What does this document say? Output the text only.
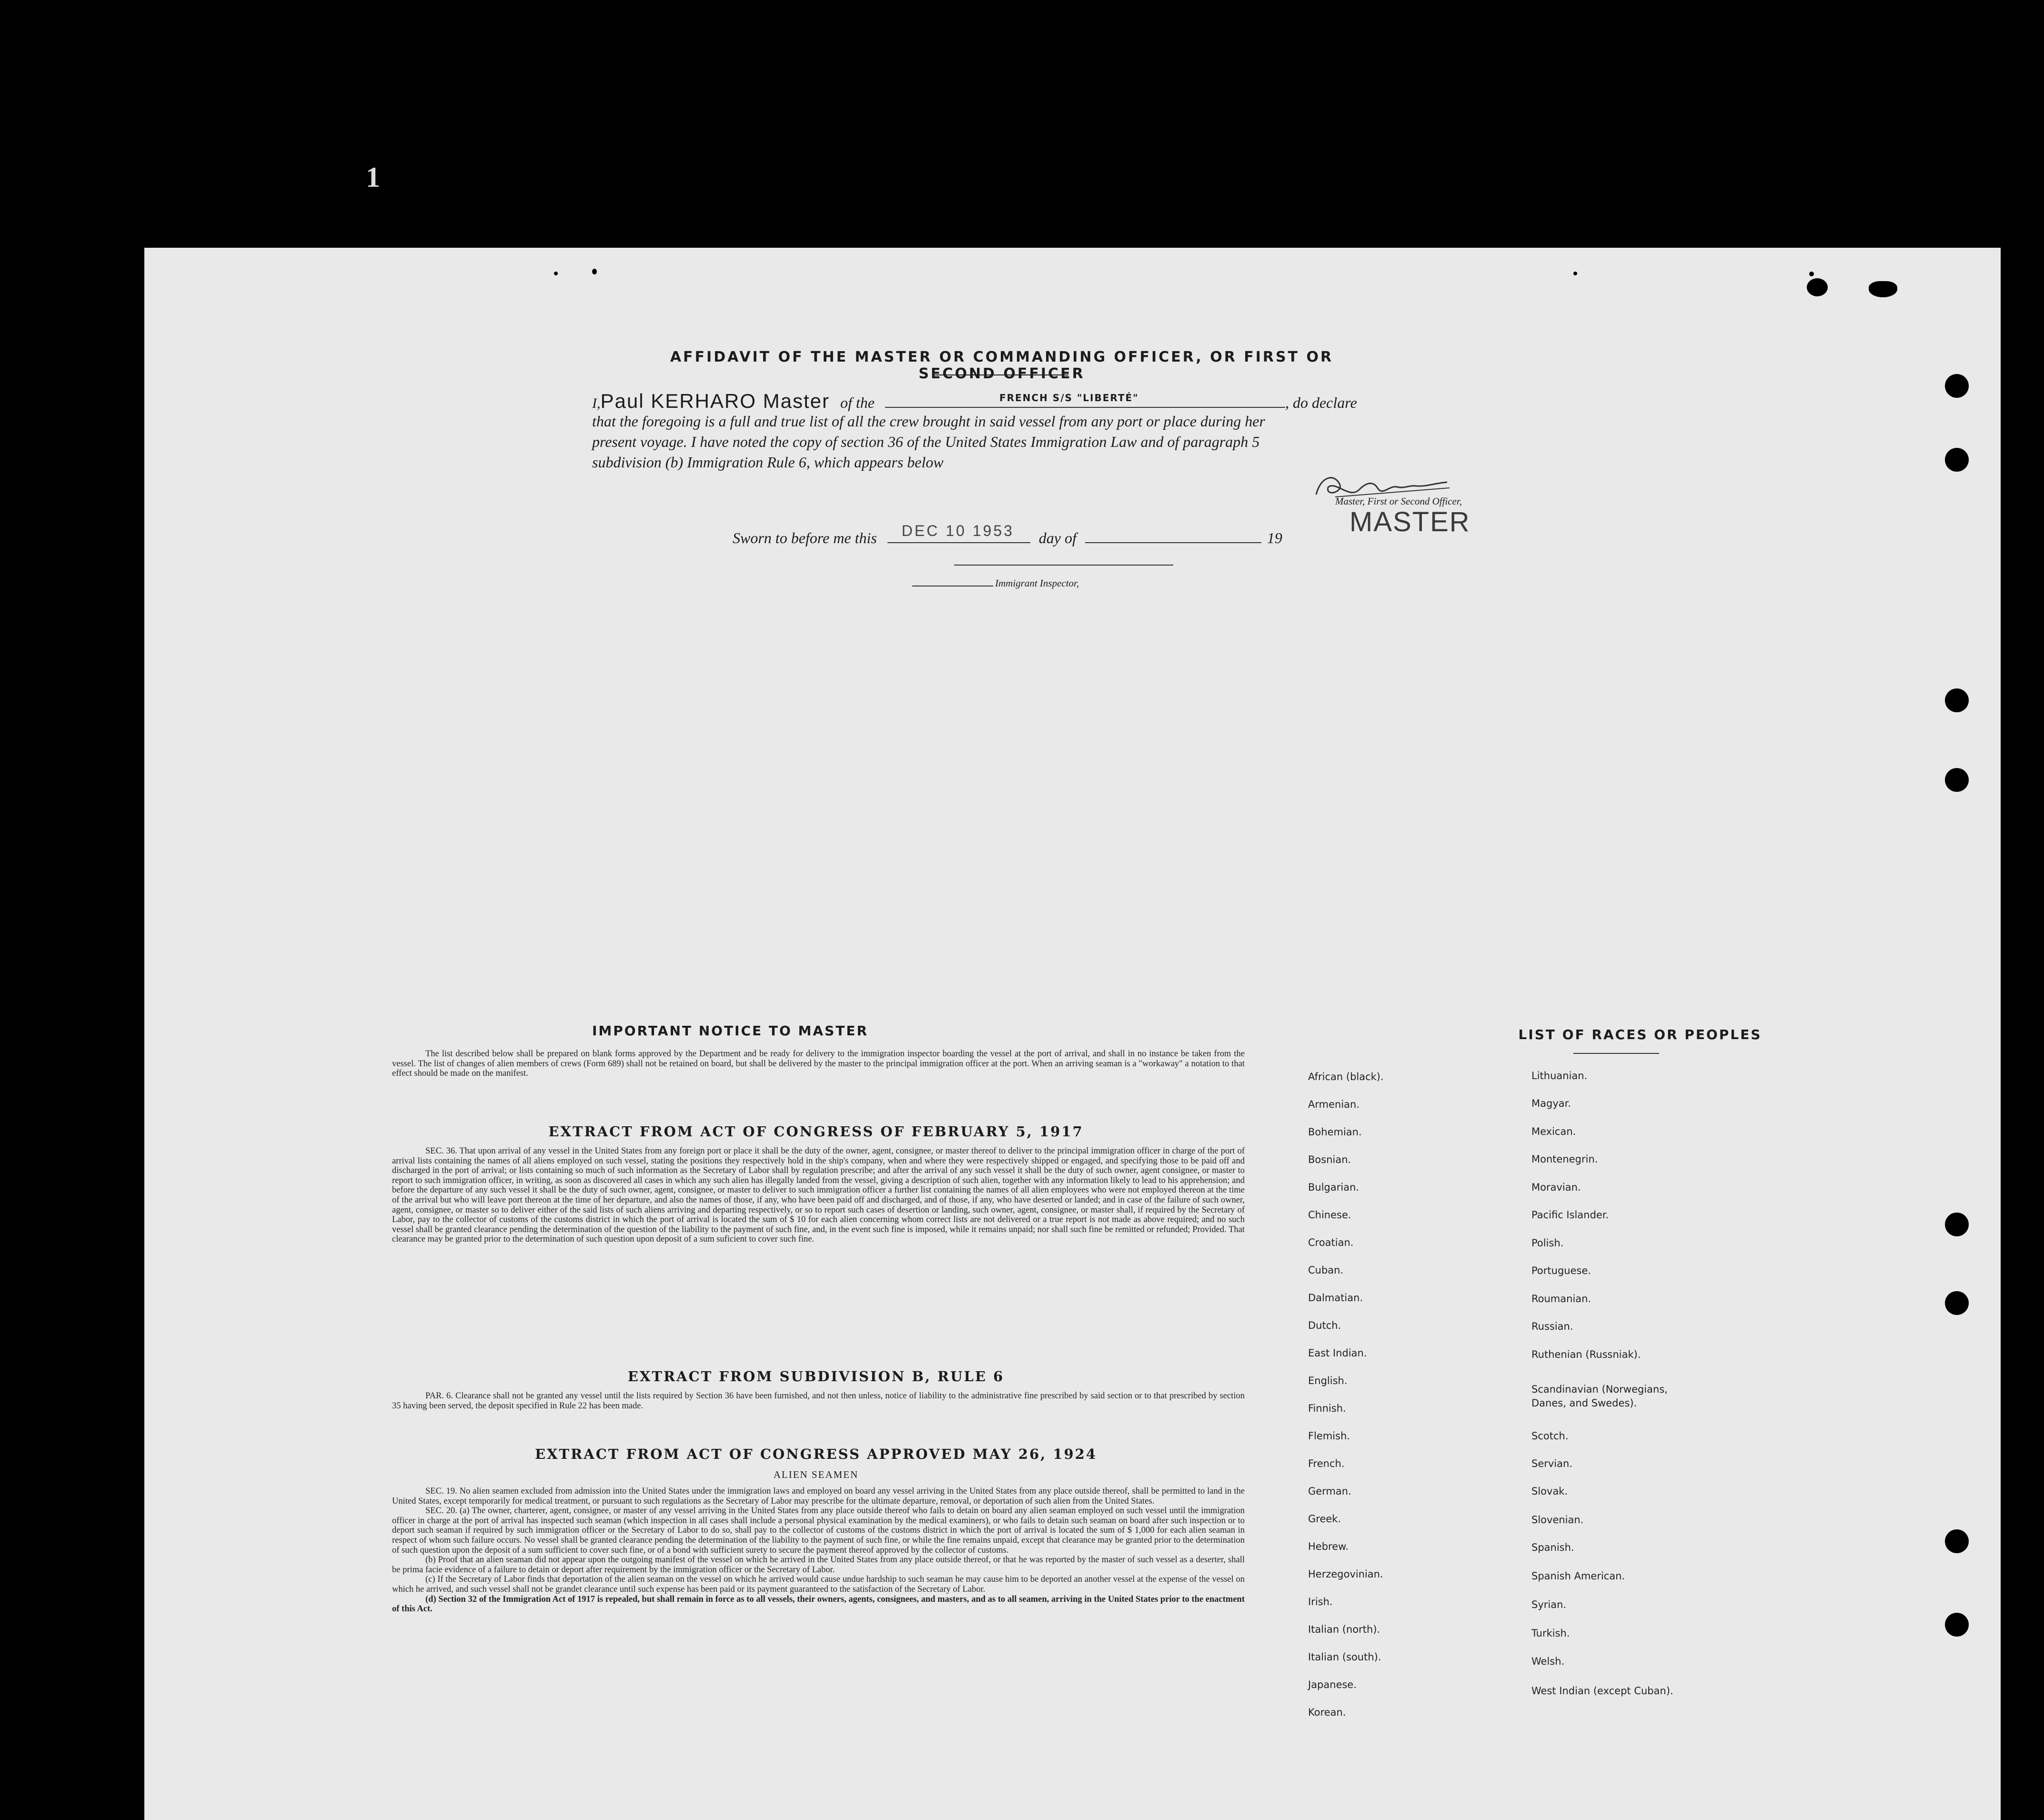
1
AFFIDAVIT OF THE MASTER OR COMMANDING OFFICER, OR FIRST OR SECOND OFFICER
I,Paul KERHARO Master of the	FRENCH S/S "LIBERTÉ"	, do declare
that the foregoing is a full and true list of all the crew brought in said vessel from any port or place during her
present voyage. I have noted the copy of section 36 of the United States Immigration Law and of paragraph 5
subdivision (b) Immigration Rule 6, which appears below
Master, First or Second Officer,
MASTER
Sworn to before me this DEC 10 1953 day of	19
Immigrant Inspector,
IMPORTANT NOTICE TO MASTER

The list described below shall be prepared on blank forms approved by the Department and be ready for delivery to the immigration inspector boarding the vessel at the port of arrival, and shall in no instance be taken from the vessel. The list of changes of alien members of crews (Form 689) shall not be retained on board, but shall be delivered by the master to the principal immigration officer at the port. When an arriving seaman is a "workaway" a notation to that effect should be made on the manifest.

EXTRACT FROM ACT OF CONGRESS OF FEBRUARY 5, 1917

SEC. 36. That upon arrival of any vessel in the United States from any foreign port or place it shall be the duty of the owner, agent, consignee, or master thereof to deliver to the principal immigration officer in charge of the port of arrival lists containing the names of all aliens employed on such vessel, stating the positions they respectively hold in the ship's company, when and where they were respectively shipped or engaged, and specifying those to be paid off and discharged in the port of arrival; or lists containing so much of such information as the Secretary of Labor shall by regulation prescribe; and after the arrival of any such vessel it shall be the duty of such owner, agent consignee, or master to report to such immigration officer, in writing, as soon as discovered all cases in which any such alien has illegally landed from the vessel, giving a description of such alien, together with any information likely to lead to his apprehension; and before the departure of any such vessel it shall be the duty of such owner, agent, consignee, or master to deliver to such immigration officer a further list containing the names of all alien employees who were not employed thereon at the time of the arrival but who will leave port thereon at the time of her departure, and also the names of those, if any, who have been paid off and discharged, and of those, if any, who have deserted or landed; and in case of the failure of such owner, agent, consignee, or master so to deliver either of the said lists of such aliens arriving and departing respectively, or so to report such cases of desertion or landing, such owner, agent, consignee, or master shall, if required by the Secretary of Labor, pay to the collector of customs of the customs district in which the port of arrival is located the sum of $ 10 for each alien concerning whom correct lists are not delivered or a true report is not made as above required; and no such vessel shall be granted clearance pending the determination of the question of the liability to the payment of such fine, and, in the event such fine is imposed, while it remains unpaid; nor shall such fine be remitted or refunded; Provided. That clearance may be granted prior to the determination of such question upon deposit of a sum suficient to cover such fine.

EXTRACT FROM SUBDIVISION B, RULE 6

PAR. 6. Clearance shall not be granted any vessel until the lists required by Section 36 have been furnished, and not then unless, notice of liability to the administrative fine prescribed by said section or to that prescribed by section 35 having been served, the deposit specified in Rule 22 has been made.

EXTRACT FROM ACT OF CONGRESS APPROVED MAY 26, 1924
ALIEN SEAMEN

SEC. 19. No alien seamen excluded from admission into the United States under the immigration laws and employed on board any vessel arriving in the United States from any place outside thereof, shall be permitted to land in the United States, except temporarily for medical treatment, or pursuant to such regulations as the Secretary of Labor may prescribe for the ultimate departure, removal, or deportation of such alien from the United States.

SEC. 20. (a) The owner, charterer, agent, consignee, or master of any vessel arriving in the United States from any place outside thereof who fails to detain on board any alien seaman employed on such vessel until the immigration officer in charge at the port of arrival has inspected such seaman (which inspection in all cases shall include a personal physical examination by the medical examiners), or who fails to detain such seaman on board after such inspection or to deport such seaman if required by such immigration officer or the Secretary of Labor to do so, shall pay to the collector of customs of the customs district in which the port of arrival is located the sum of $ 1,000 for each alien seaman in respect of whom such failure occurs. No vessel shall be granted clearance pending the determination of the liability to the payment of such fine, or while the fine remains unpaid, except that clearance may be granted prior to the determination of such question upon the deposit of a sum sufficient to cover such fine, or of a bond with sufficient surety to secure the payment thereof approved by the collector of customs.

(b) Proof that an alien seaman did not appear upon the outgoing manifest of the vessel on which he arrived in the United States from any place outside thereof, or that he was reported by the master of such vessel as a deserter, shall be prima facie evidence of a failure to detain or deport after requirement by the immigration officer or the Secretary of Labor.

(c) If the Secretary of Labor finds that deportation of the alien seaman on the vessel on which he arrived would cause undue hardship to such seaman he may cause him to be deported an another vessel at the expense of the vessel on which he arrived, and such vessel shall not be grandet clearance until such expense has been paid or its payment guaranteed to the satisfaction of the Secretary of Labor.

(d) Section 32 of the Immigration Act of 1917 is repealed, but shall remain in force as to all vessels, their owners, agents, consignees, and masters, and as to all seamen, arriving in the United States prior to the enactment of this Act.

LIST OF RACES OR PEOPLES
African (black).
Armenian.
Bohemian.
Bosnian.
Bulgarian.
Chinese.
Croatian.
Cuban.
Dalmatian.
Dutch.
East Indian.
English.
Finnish.
Flemish.
French.
German.
Greek.
Hebrew.
Herzegovinian.
Irish.
Italian (north).
Italian (south).
Japanese.
Korean.
Lithuanian.
Magyar.
Mexican.
Montenegrin.
Moravian.
Pacific Islander.
Polish.
Portuguese.
Roumanian.
Russian.
Ruthenian (Russniak).
Scandinavian (Norwegians, Danes, and Swedes).
Scotch.
Servian.
Slovak.
Slovenian.
Spanish.
Spanish American.
Syrian.
Turkish.
Welsh.
West Indian (except Cuban).
